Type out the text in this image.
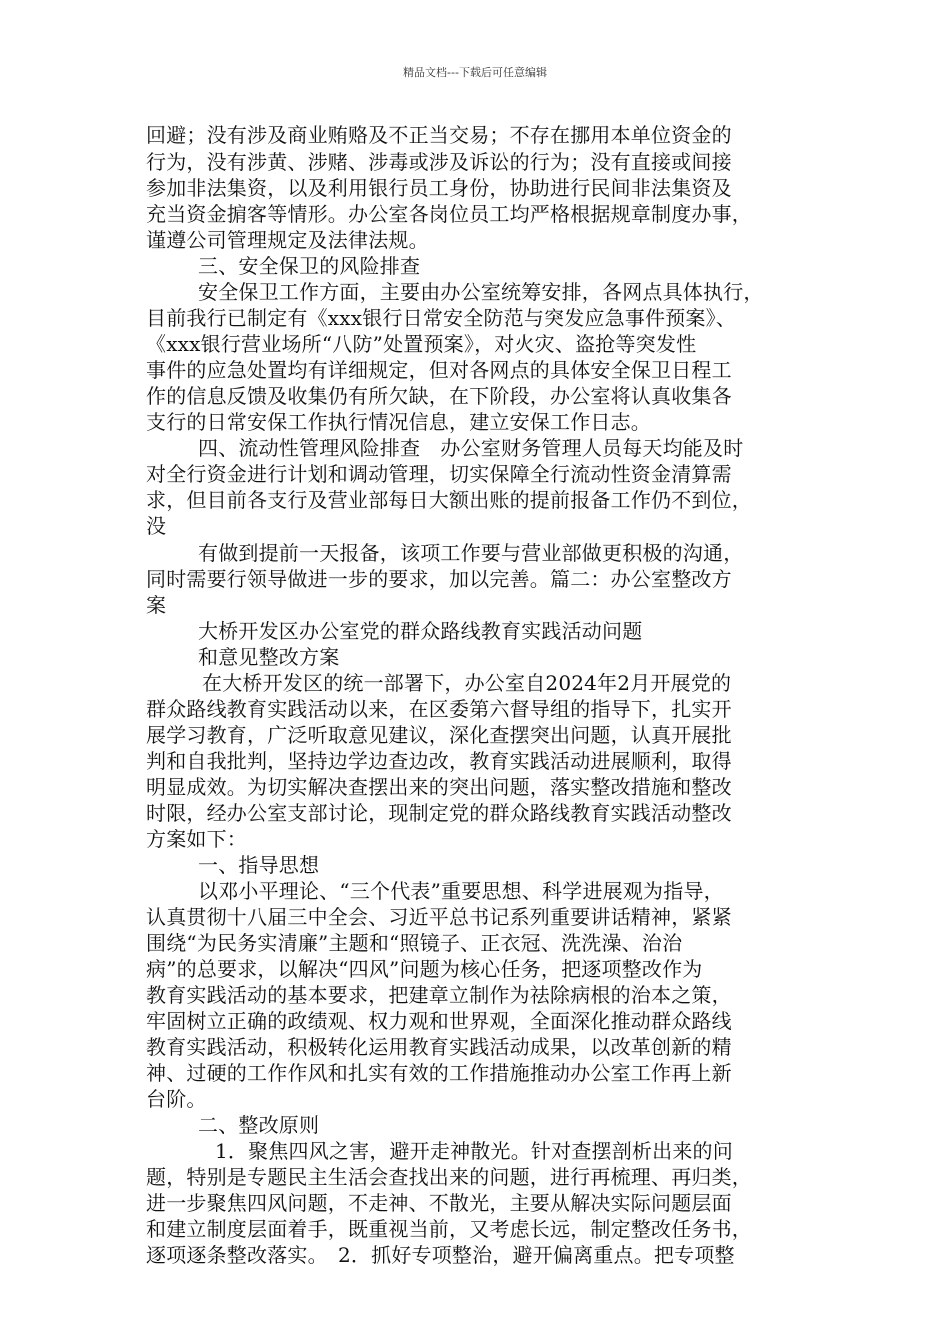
精品文档---下载后可任意编辑
回避；没有涉及商业贿赂及不正当交易；不存在挪用本单位资金的
行为，没有涉黄、涉赌、涉毒或涉及诉讼的行为；没有直接或间接
参加非法集资，以及利用银行员工身份，协助进行民间非法集资及
充当资金掮客等情形。办公室各岗位员工均严格根据规章制度办事，
谨遵公司管理规定及法律法规。
三、安全保卫的风险排查
安全保卫工作方面，主要由办公室统筹安排，各网点具体执行，
目前我行已制定有《xxx银行日常安全防范与突发应急事件预案》、
《xxx银行营业场所“八防”处置预案》，对火灾、盗抢等突发性
事件的应急处置均有详细规定，但对各网点的具体安全保卫日程工
作的信息反馈及收集仍有所欠缺，在下阶段，办公室将认真收集各
支行的日常安保工作执行情况信息，建立安保工作日志。
四、流动性管理风险排查　办公室财务管理人员每天均能及时
对全行资金进行计划和调动管理，切实保障全行流动性资金清算需
求，但目前各支行及营业部每日大额出账的提前报备工作仍不到位，
没
有做到提前一天报备，该项工作要与营业部做更积极的沟通，
同时需要行领导做进一步的要求，加以完善。篇二：办公室整改方
案
大桥开发区办公室党的群众路线教育实践活动问题
和意见整改方案
在大桥开发区的统一部署下，办公室自2024年2月开展党的
群众路线教育实践活动以来，在区委第六督导组的指导下，扎实开
展学习教育，广泛听取意见建议，深化查摆突出问题，认真开展批
判和自我批判，坚持边学边查边改，教育实践活动进展顺利，取得
明显成效。为切实解决查摆出来的突出问题，落实整改措施和整改
时限，经办公室支部讨论，现制定党的群众路线教育实践活动整改
方案如下：
一、指导思想
以邓小平理论、“三个代表”重要思想、科学进展观为指导，
认真贯彻十八届三中全会、习近平总书记系列重要讲话精神，紧紧
围绕“为民务实清廉”主题和“照镜子、正衣冠、洗洗澡、治治
病”的总要求，以解决“四风”问题为核心任务，把逐项整改作为
教育实践活动的基本要求，把建章立制作为祛除病根的治本之策，
牢固树立正确的政绩观、权力观和世界观，全面深化推动群众路线
教育实践活动，积极转化运用教育实践活动成果，以改革创新的精
神、过硬的工作作风和扎实有效的工作措施推动办公室工作再上新
台阶。
二、整改原则
1．聚焦四风之害，避开走神散光。针对查摆剖析出来的问
题，特别是专题民主生活会查找出来的问题，进行再梳理、再归类，
进一步聚焦四风问题，不走神、不散光，主要从解决实际问题层面
和建立制度层面着手，既重视当前，又考虑长远，制定整改任务书，
逐项逐条整改落实。　2．抓好专项整治，避开偏离重点。把专项整
